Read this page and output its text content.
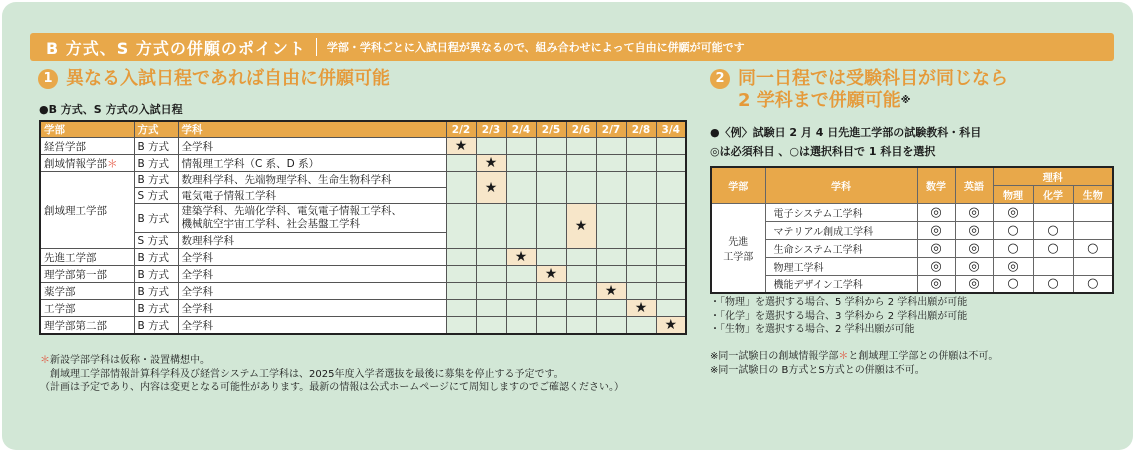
B 方式、S 方式の併願のポイント 学部・学科ごとに入試日程が異なるので、組み合わせによって自由に併願が可能です
1 異なる入試日程であれば自由に併願可能
●B 方式、S 方式の入試日程
学部	方式	学科	2/2	2/3	2/4	2/5	2/6	2/7	2/8	3/4
経営学部	B 方式	全学科	★							
創域情報学部＊	B 方式	情報理工学科（C 系、D 系）		★						
創域理工学部	B 方式	数理科学科、先端物理学科、生命生物科学科		★						
	S 方式	電気電子情報工学科								
	B 方式	建築学科、先端化学科、電気電子情報工学科、
機械航空宇宙工学科、社会基盤工学科					★			
	S 方式	数理科学科								
先進工学部	B 方式	全学科			★					
理学部第一部	B 方式	全学科				★				
薬学部	B 方式	全学科						★		
工学部	B 方式	全学科							★	
理学部第二部	B 方式	全学科								★
＊新設学部学科は仮称・設置構想中。
創域理工学部情報計算科学科及び経営システム工学科は、2025年度入学者選抜を最後に募集を停止する予定です。
（計画は予定であり、内容は変更となる可能性があります。最新の情報は公式ホームページにて周知しますのでご確認ください。）
2 同一日程では受験科目が同じなら
2 学科まで併願可能※
●〈例〉試験日 2 月 4 日先進工学部の試験教科・科目
◎は必須科目 、○は選択科目で 1 科目を選択
学部	学科	数学	英語	理科		
				物理	化学	生物

先進
工学部	電子システム工学科	◎	◎	◎		
	マテリアル創成工学科	◎	◎	○	○	
	生命システム工学科	◎	◎	○	○	○
	物理工学科	◎	◎	◎		
	機能デザイン工学科	◎	◎	○	○	○
・「物理」を選択する場合、5 学科から 2 学科出願が可能
・「化学」を選択する場合、3 学科から 2 学科出願が可能
・「生物」を選択する場合、2 学科出願が可能
※同一試験日の創域情報学部＊と創域理工学部との併願は不可。
※同一試験日の B方式とS方式との併願は不可。
